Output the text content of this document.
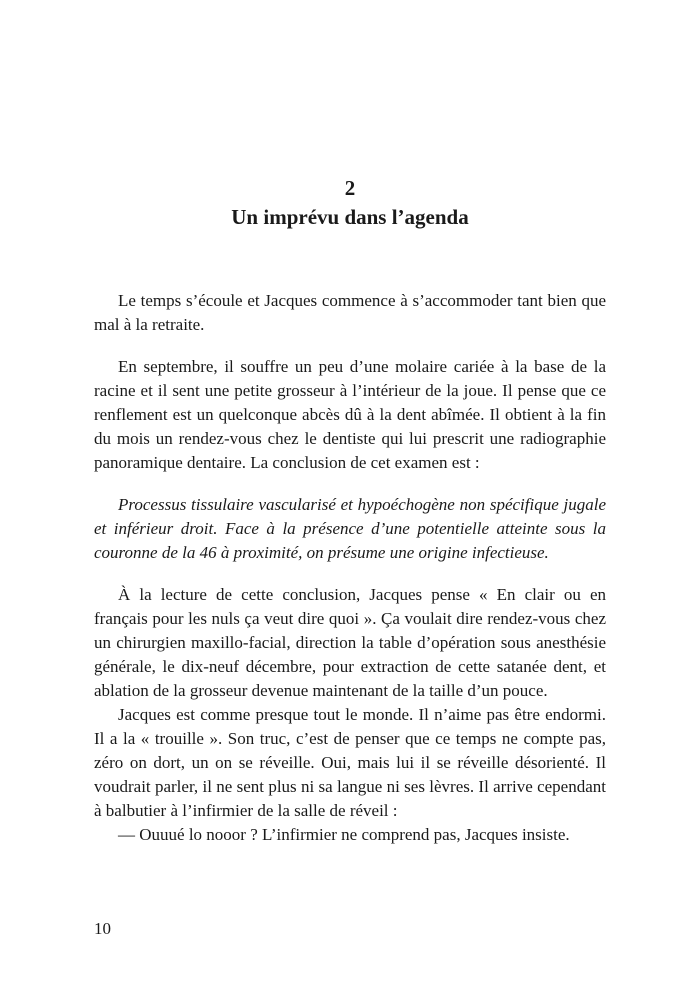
2
Un imprévu dans l’agenda

Le temps s’écoule et Jacques commence à s’accommoder tant bien que mal à la retraite.

En septembre, il souffre un peu d’une molaire cariée à la base de la racine et il sent une petite grosseur à l’intérieur de la joue. Il pense que ce renflement est un quelconque abcès dû à la dent abîmée. Il obtient à la fin du mois un rendez-vous chez le dentiste qui lui prescrit une radiographie panoramique dentaire. La conclusion de cet examen est :

Processus tissulaire vascularisé et hypoéchogène non spécifique jugale et inférieur droit. Face à la présence d’une potentielle atteinte sous la couronne de la 46 à proximité, on présume une origine infectieuse.

À la lecture de cette conclusion, Jacques pense « En clair ou en français pour les nuls ça veut dire quoi ». Ça voulait dire rendez-vous chez un chirurgien maxillo-facial, direction la table d’opération sous anesthésie générale, le dix-neuf décembre, pour extraction de cette satanée dent, et ablation de la grosseur devenue maintenant de la taille d’un pouce.

Jacques est comme presque tout le monde. Il n’aime pas être endormi. Il a la « trouille ». Son truc, c’est de penser que ce temps ne compte pas, zéro on dort, un on se réveille. Oui, mais lui il se réveille désorienté. Il voudrait parler, il ne sent plus ni sa langue ni ses lèvres. Il arrive cependant à balbutier à l’infirmier de la salle de réveil :

— Ouuué lo nooor ? L’infirmier ne comprend pas, Jacques insiste.

10
